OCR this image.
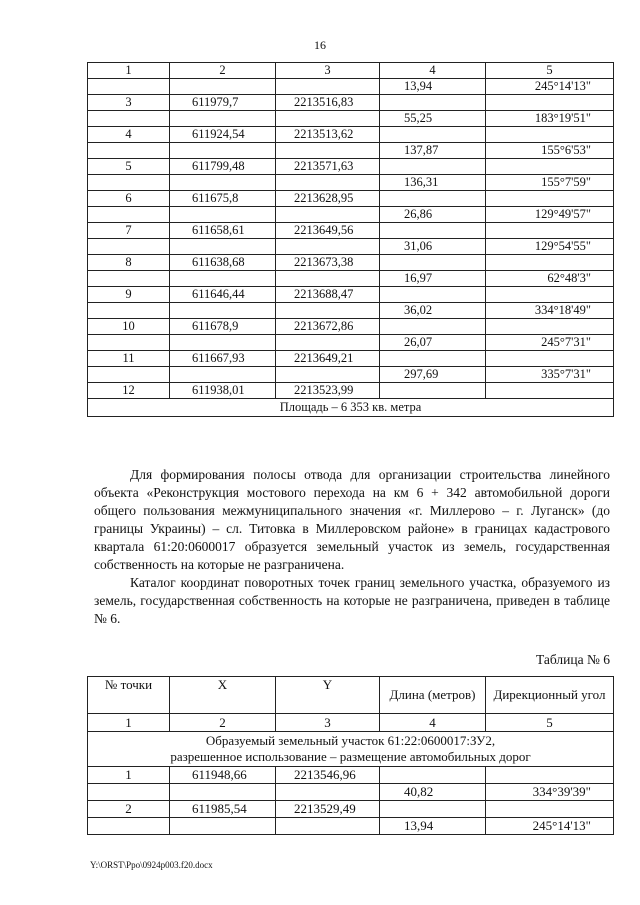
16
1	2	3	4	5
			13,94	245°14'13"
3	611979,7	2213516,83		
			55,25	183°19'51"
4	611924,54	2213513,62		
			137,87	155°6'53"
5	611799,48	2213571,63		
			136,31	155°7'59"
6	611675,8	2213628,95		
			26,86	129°49'57"
7	611658,61	2213649,56		
			31,06	129°54'55"
8	611638,68	2213673,38		
			16,97	62°48'3"
9	611646,44	2213688,47		
			36,02	334°18'49"
10	611678,9	2213672,86		
			26,07	245°7'31"
11	611667,93	2213649,21		
			297,69	335°7'31"
12	611938,01	2213523,99		
Площадь – 6 353 кв. метра				

Для формирования полосы отвода для организации строительства линейного объекта «Реконструкция мостового перехода на км 6 + 342 автомобильной дороги общего пользования межмуниципального значения «г. Миллерово – г. Луганск» (до границы Украины) – сл. Титовка в Миллеровском районе» в границах кадастрового квартала 61:20:0600017 образуется земельный участок из земель, государственная собственность на которые не разграничена.

Каталог координат поворотных точек границ земельного участка, образуемого из земель, государственная собственность на которые не разграничена, приведен в таблице № 6.

Таблица № 6
№ точки	X	Y	Длина (метров)	Дирекционный угол
1	2	3	4	5

Образуемый земельный участок 61:22:0600017:ЗУ2,
разрешенное использование – размещение автомобильных дорог				

1	611948,66	2213546,96		
			40,82	334°39'39"
2	611985,54	2213529,49		
			13,94	245°14'13"
Y:\ORST\Ppo\0924p003.f20.docx
